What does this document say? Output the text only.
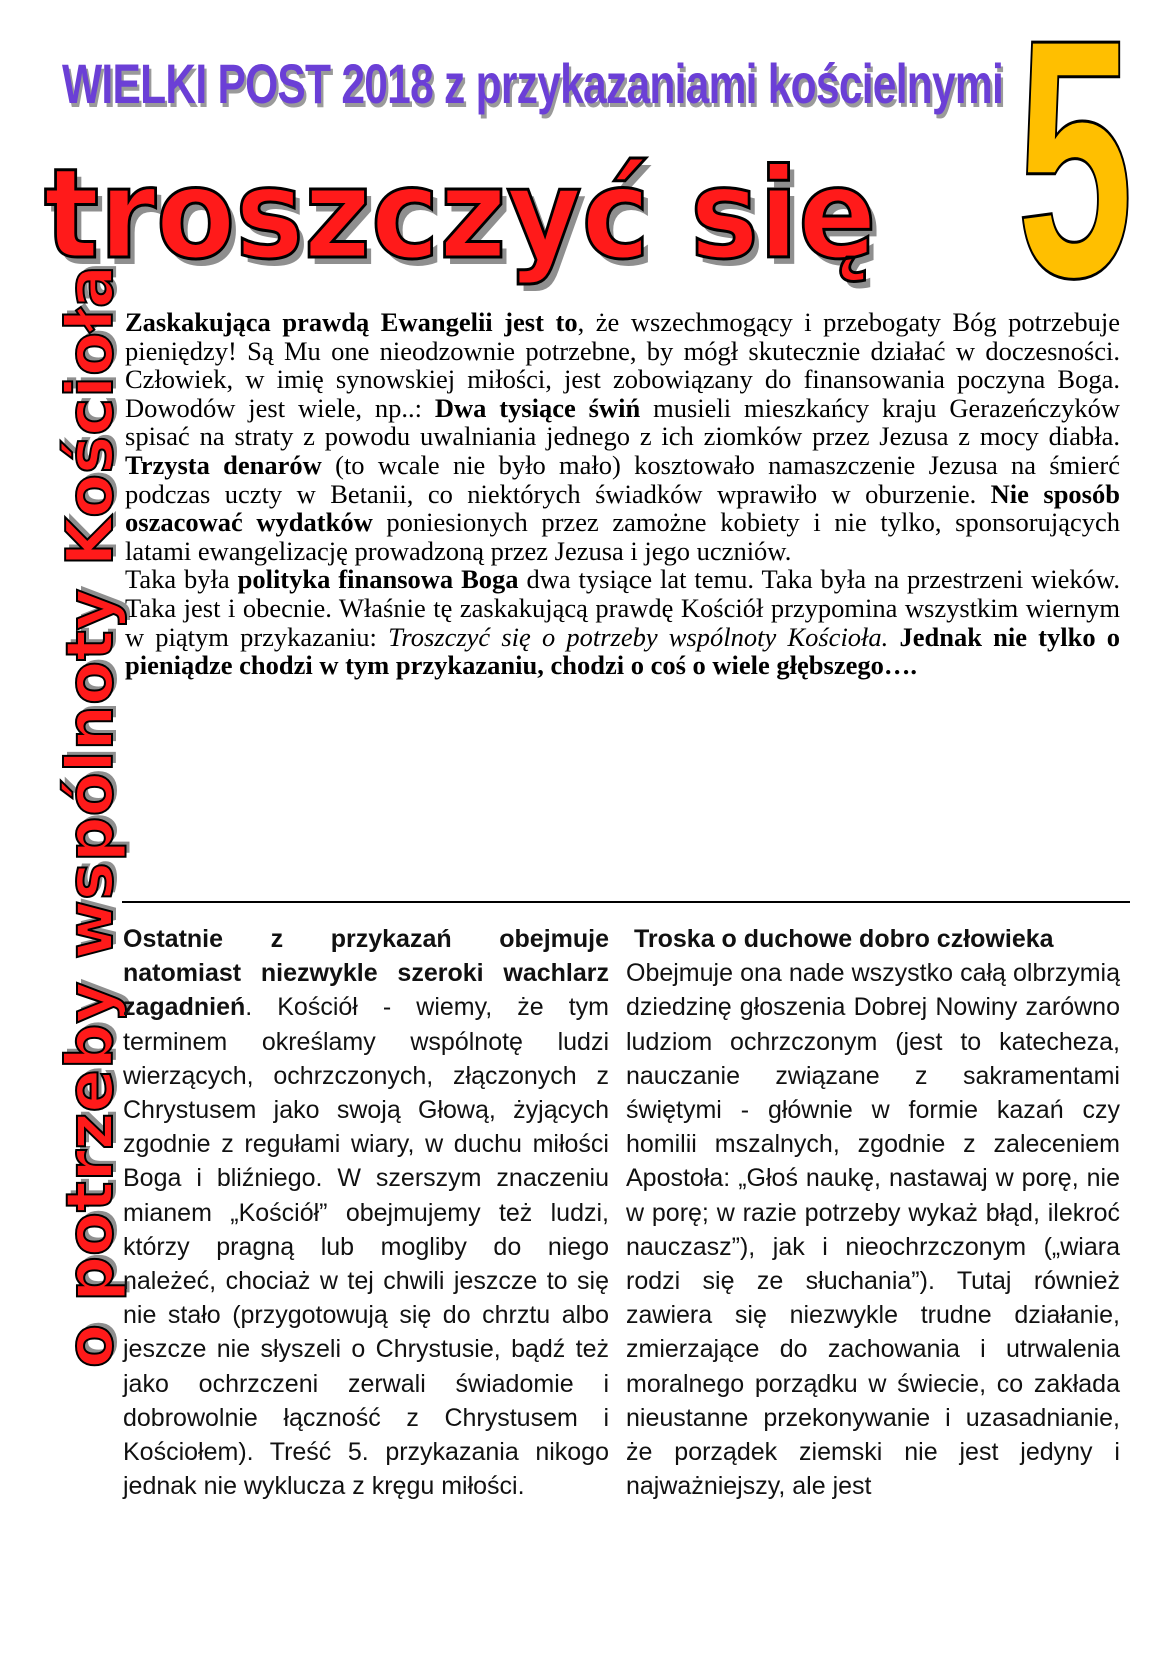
WIELKI POST 2018 z przykazaniami kościelnymi
troszczyć się 5
o potrzeby wspólnoty Kościoła

Zaskakująca prawdą Ewangelii jest to, że wszechmogący i przebogaty Bóg potrzebuje pieniędzy! Są Mu one nieodzownie potrzebne, by mógł skutecznie działać w doczesności. Człowiek, w imię synowskiej miłości, jest zobowiązany do finansowania poczyna Boga. Dowodów jest wiele, np..: Dwa tysiące świń musieli mieszkańcy kraju Gerazeńczyków spisać na straty z powodu uwalniania jednego z ich ziomków przez Jezusa z mocy diabła. Trzysta denarów (to wcale nie było mało) kosztowało namaszczenie Jezusa na śmierć podczas uczty w Betanii, co niektórych świadków wprawiło w oburzenie. Nie sposób oszacować wydatków poniesionych przez zamożne kobiety i nie tylko, sponsorujących latami ewangelizację prowadzoną przez Jezusa i jego uczniów.

Taka była polityka finansowa Boga dwa tysiące lat temu. Taka była na przestrzeni wieków. Taka jest i obecnie. Właśnie tę zaskakującą prawdę Kościół przypomina wszystkim wiernym w piątym przykazaniu: Troszczyć się o potrzeby wspólnoty Kościoła. Jednak nie tylko o pieniądze chodzi w tym przykazaniu, chodzi o coś o wiele głębszego….

Ostatnie z przykazań obejmuje natomiast niezwykle szeroki wachlarz zagadnień. Kościół - wiemy, że tym terminem określamy wspólnotę ludzi wierzących, ochrzczonych, złączonych z Chrystusem jako swoją Głową, żyjących zgodnie z regułami wiary, w duchu miłości Boga i bliźniego. W szerszym znaczeniu mianem „Kościół” obejmujemy też ludzi, którzy pragną lub mogliby do niego należeć, chociaż w tej chwili jeszcze to się nie stało (przygotowują się do chrztu albo jeszcze nie słyszeli o Chrystusie, bądź też jako ochrzczeni zerwali świadomie i dobrowolnie łączność z Chrystusem i Kościołem). Treść 5. przykazania nikogo jednak nie wyklucza z kręgu miłości.

Troska o duchowe dobro człowieka

Obejmuje ona nade wszystko całą olbrzymią dziedzinę głoszenia Dobrej Nowiny zarówno ludziom ochrzczonym (jest to katecheza, nauczanie związane z sakramentami świętymi - głównie w formie kazań czy homilii mszalnych, zgodnie z zaleceniem Apostoła: „Głoś naukę, nastawaj w porę, nie w porę; w razie potrzeby wykaż błąd, ilekroć nauczasz”), jak i nieochrzczonym („wiara rodzi się ze słuchania”). Tutaj również zawiera się niezwykle trudne działanie, zmierzające do zachowania i utrwalenia moralnego porządku w świecie, co zakłada nieustanne przekonywanie i uzasadnianie, że porządek ziemski nie jest jedyny i najważniejszy, ale jest
